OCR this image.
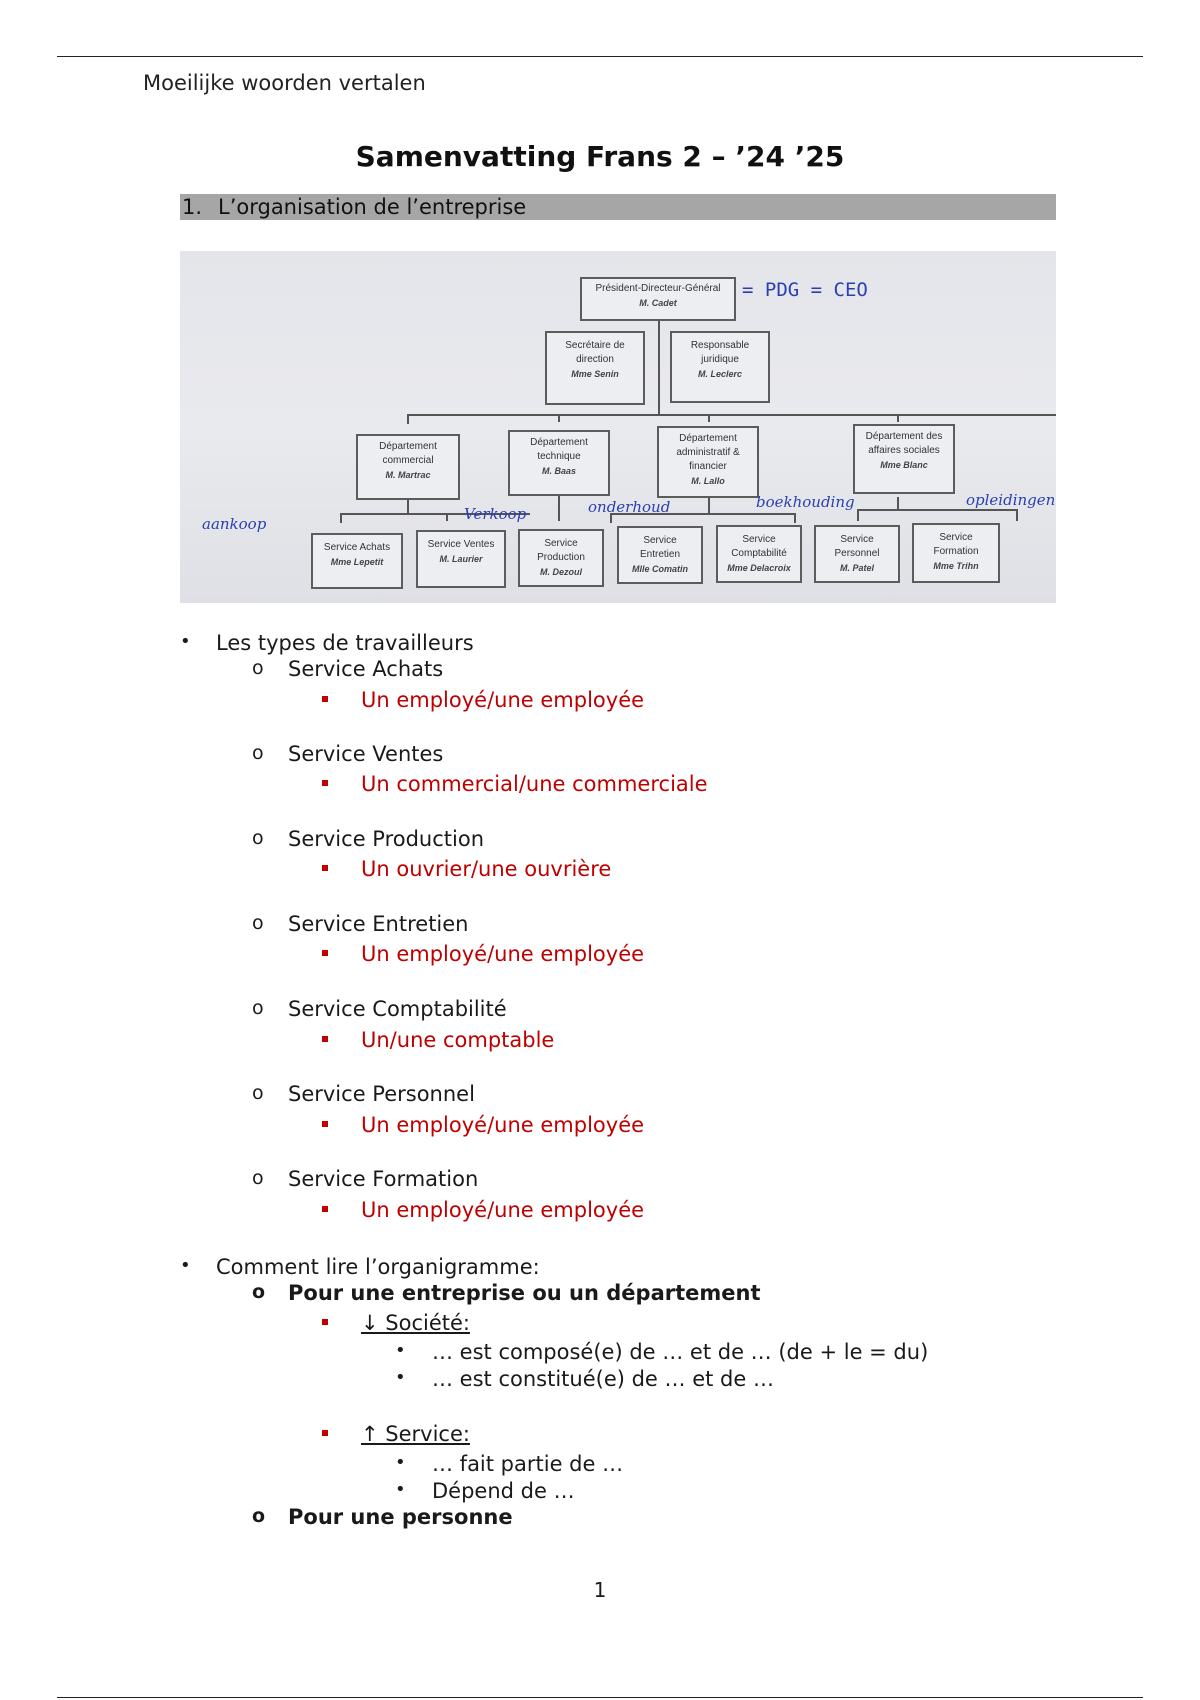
Moeilijke woorden vertalen
Samenvatting Frans 2 – ’24 ’25
1. L’organisation de l’entreprise
Président-Directeur-Général
M. Cadet
= PDG = CEO
Secrétaire de direction
Mme Senin
Responsable juridique
M. Leclerc
Département commercial
M. Martrac
Département technique
M. Baas
Département administratif & financier
M. Lallo
Département des affaires sociales
Mme Blanc
Service Achats
Mme Lepetit
Service Ventes
M. Laurier
Service Production
M. Dezoul
Service Entretien
Mlle Comatin
Service Comptabilité
Mme Delacroix
Service Personnel
M. Patel
Service Formation
Mme Trihn
aankoop
Verkoop	onderhoud	boekhouding	opleidingen
• Les types de travailleurs
o Service Achats
Un employé/une employée
o Service Ventes
Un commercial/une commerciale
o Service Production
Un ouvrier/une ouvrière
o Service Entretien
Un employé/une employée
o Service Comptabilité
Un/une comptable
o Service Personnel
Un employé/une employée
o Service Formation
Un employé/une employée
• Comment lire l’organigramme:
o Pour une entreprise ou un département
↓ Société:
• … est composé(e) de … et de … (de + le = du)
• … est constitué(e) de … et de …
↑ Service:
• … fait partie de …
• Dépend de …
o Pour une personne
1
